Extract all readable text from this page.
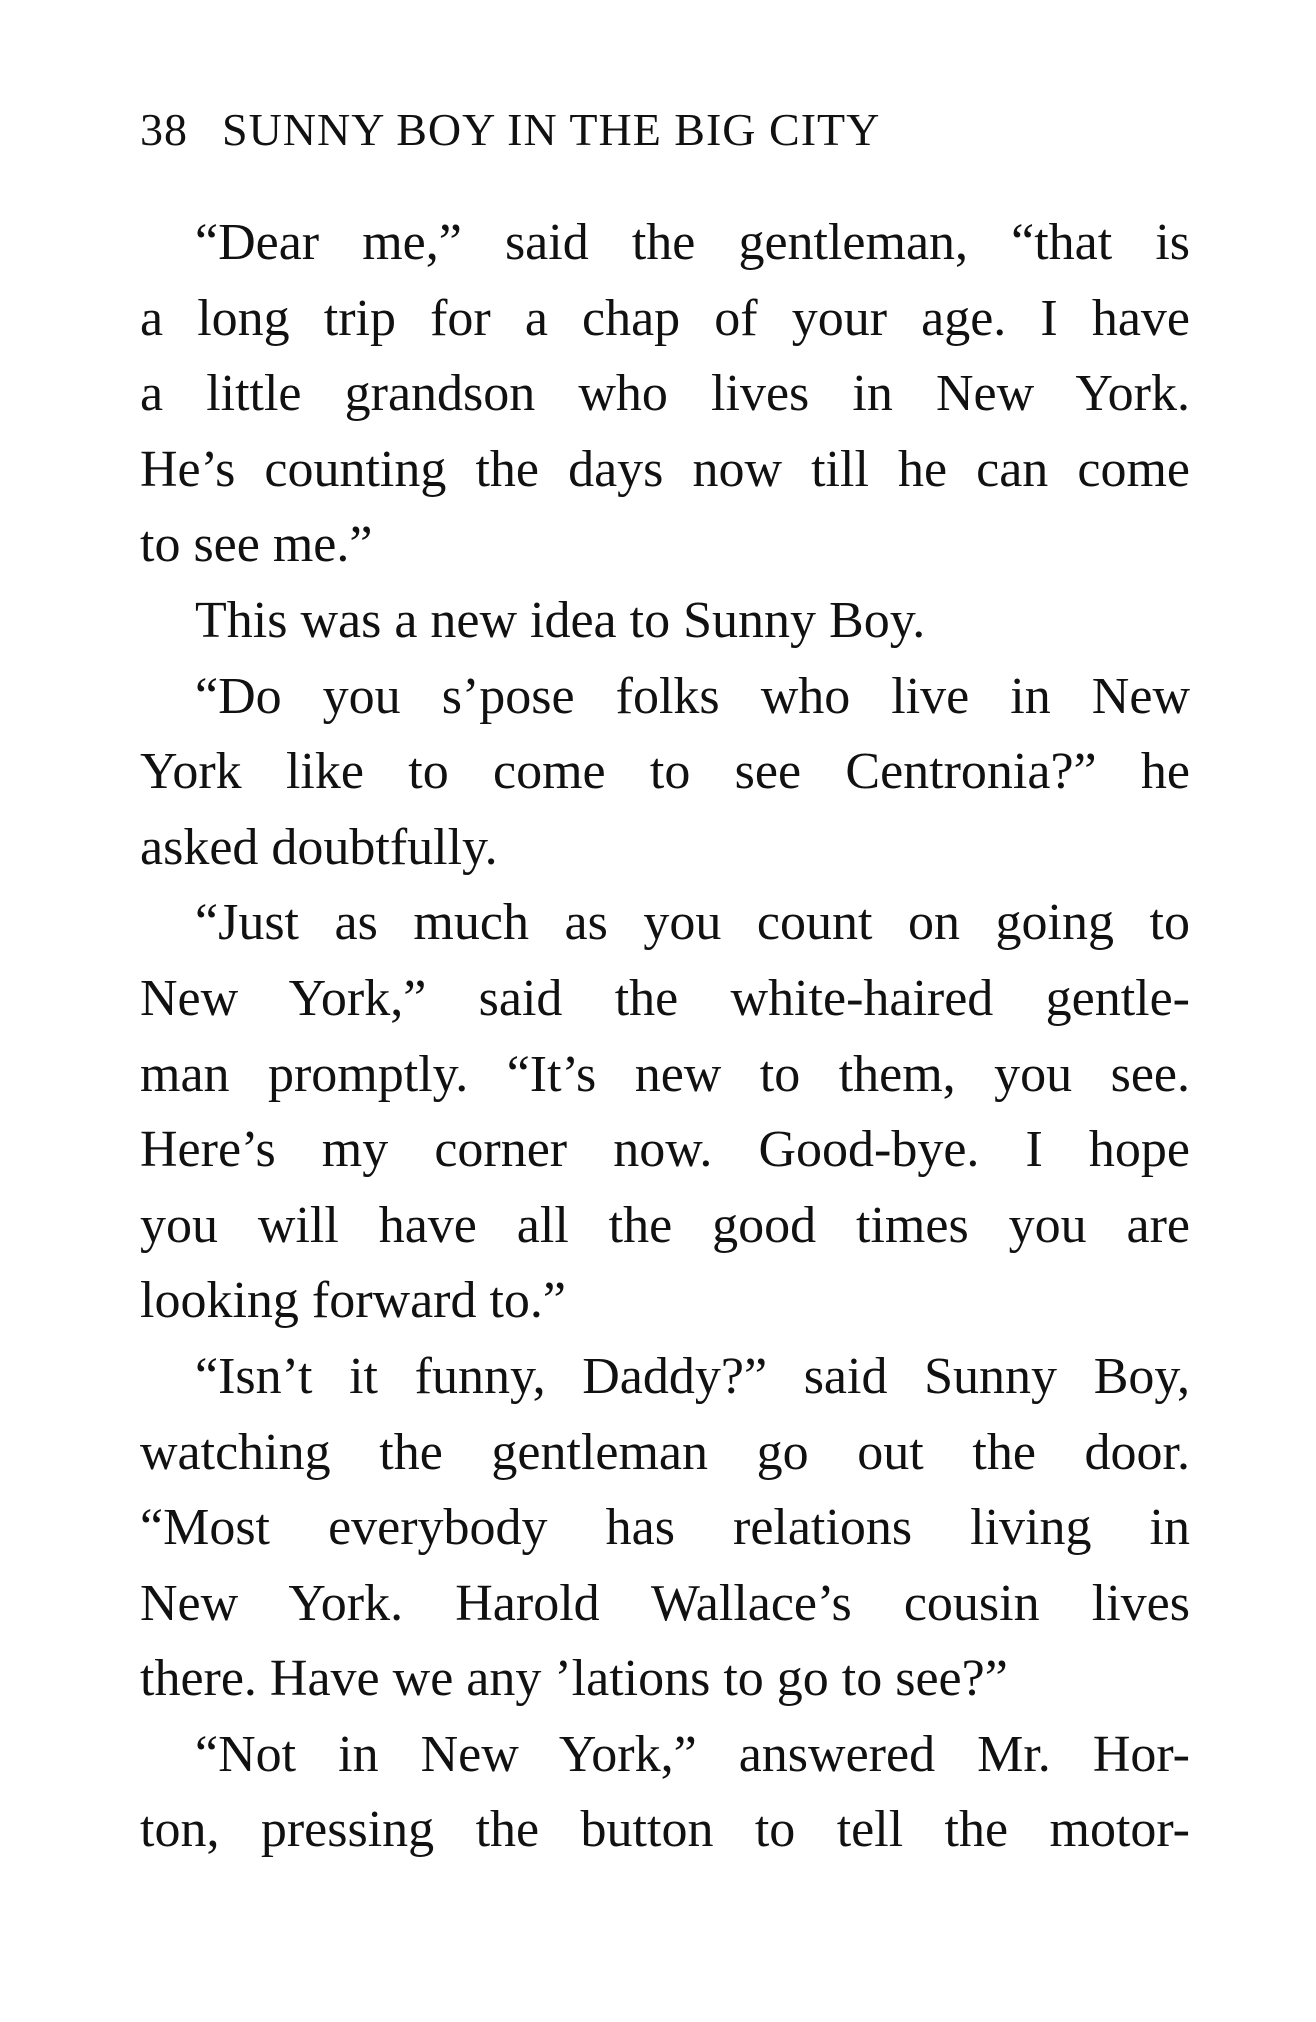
38 SUNNY BOY IN THE BIG CITY
“Dear me,” said the gentleman, “that is
a long trip for a chap of your age. I have
a little grandson who lives in New York.
He’s counting the days now till he can come
to see me.”
This was a new idea to Sunny Boy.
“Do you s’pose folks who live in New
York like to come to see Centronia?” he
asked doubtfully.
“Just as much as you count on going to
New York,” said the white-haired gentle-
man promptly. “It’s new to them, you see.
Here’s my corner now. Good-bye. I hope
you will have all the good times you are
looking forward to.”
“Isn’t it funny, Daddy?” said Sunny Boy,
watching the gentleman go out the door.
“Most everybody has relations living in
New York. Harold Wallace’s cousin lives
there. Have we any ’lations to go to see?”
“Not in New York,” answered Mr. Hor-
ton, pressing the button to tell the motor-
